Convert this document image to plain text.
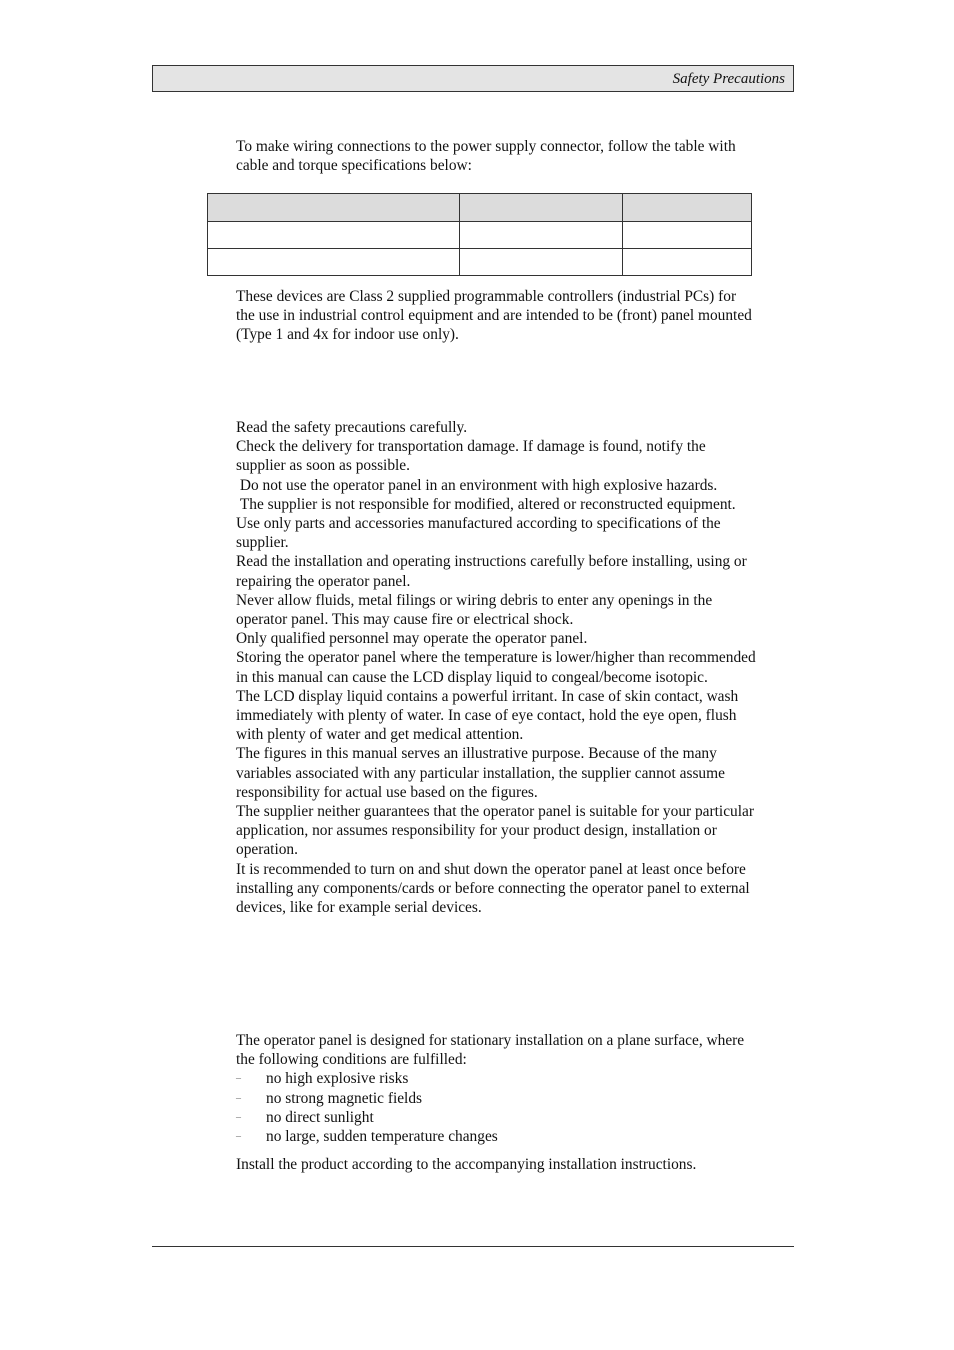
Safety Precautions

To make wiring connections to the power supply connector, follow the table with cable and torque specifications below:

These devices are Class 2 supplied programmable controllers (industrial PCs) for the use in industrial control equipment and are intended to be (front) panel mounted (Type 1 and 4x for indoor use only).

Read the safety precautions carefully.

Check the delivery for transportation damage. If damage is found, notify the supplier as soon as possible.

Do not use the operator panel in an environment with high explosive hazards.

The supplier is not responsible for modified, altered or reconstructed equipment.

Use only parts and accessories manufactured according to specifications of the supplier.

Read the installation and operating instructions carefully before installing, using or repairing the operator panel.

Never allow fluids, metal filings or wiring debris to enter any openings in the operator panel. This may cause fire or electrical shock.

Only qualified personnel may operate the operator panel.

Storing the operator panel where the temperature is lower/higher than recommended in this manual can cause the LCD display liquid to congeal/become isotopic.

The LCD display liquid contains a powerful irritant. In case of skin contact, wash immediately with plenty of water. In case of eye contact, hold the eye open, flush with plenty of water and get medical attention.

The figures in this manual serves an illustrative purpose. Because of the many variables associated with any particular installation, the supplier cannot assume responsibility for actual use based on the figures.

The supplier neither guarantees that the operator panel is suitable for your particular application, nor assumes responsibility for your product design, installation or operation.

It is recommended to turn on and shut down the operator panel at least once before installing any components/cards or before connecting the operator panel to external devices, like for example serial devices.

The operator panel is designed for stationary installation on a plane surface, where the following conditions are fulfilled:

– no high explosive risks
– no strong magnetic fields
– no direct sunlight
– no large, sudden temperature changes

Install the product according to the accompanying installation instructions.
